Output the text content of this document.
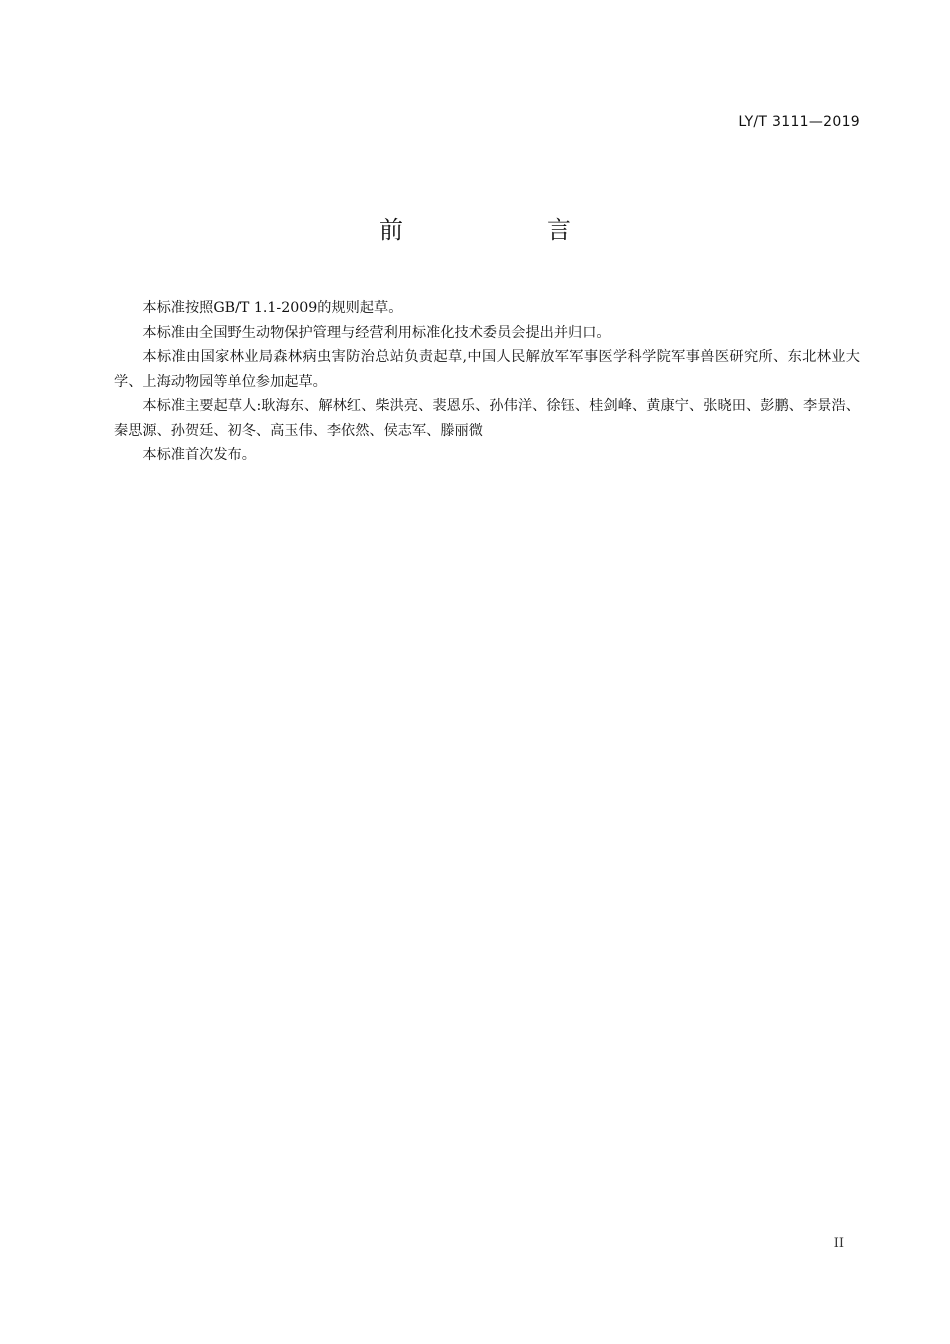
LY/T 3111—2019
前　言

本标准按照GB/T 1.1-2009的规则起草。

本标准由全国野生动物保护管理与经营利用标准化技术委员会提出并归口。

本标准由国家林业局森林病虫害防治总站负责起草,中国人民解放军军事医学科学院军事兽医研究所、东北林业大学、上海动物园等单位参加起草。

本标准主要起草人:耿海东、解林红、柴洪亮、裴恩乐、孙伟洋、徐钰、桂剑峰、黄康宁、张晓田、彭鹏、李景浩、秦思源、孙贺廷、初冬、高玉伟、李依然、侯志军、滕丽微

本标准首次发布。

II
